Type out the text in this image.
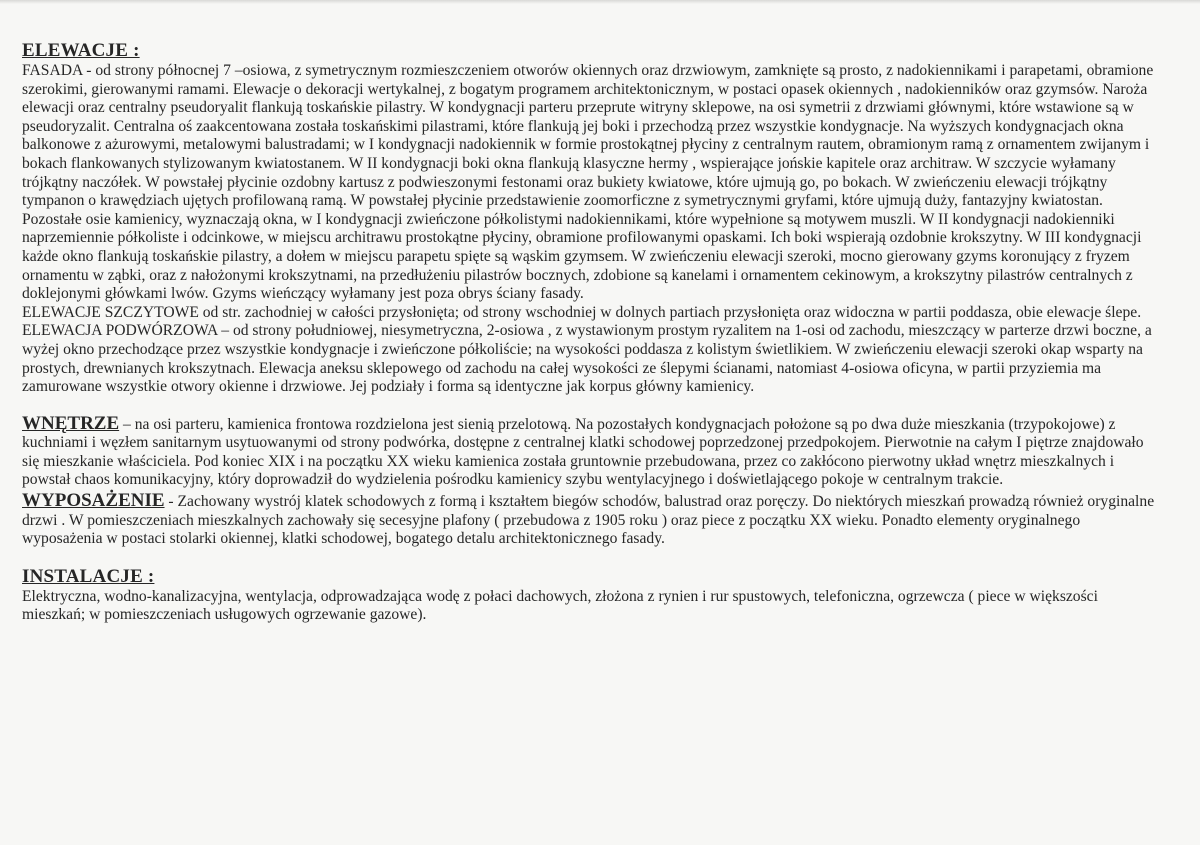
ELEWACJE :

FASADA - od strony północnej 7 –osiowa, z symetrycznym rozmieszczeniem otworów okiennych oraz drzwiowym, zamknięte są prosto, z nadokiennikami i parapetami, obramione szerokimi, gierowanymi ramami. Elewacje o dekoracji wertykalnej, z bogatym programem architektonicznym, w postaci opasek okiennych , nadokienników oraz gzymsów. Naroża elewacji oraz centralny pseudoryalit flankują toskańskie pilastry. W kondygnacji parteru przeprute witryny sklepowe, na osi symetrii z drzwiami głównymi, które wstawione są w pseudoryzalit. Centralna oś zaakcentowana została toskańskimi pilastrami, które flankują jej boki i przechodzą przez wszystkie kondygnacje. Na wyższych kondygnacjach okna balkonowe z ażurowymi, metalowymi balustradami; w I kondygnacji nadokiennik w formie prostokątnej płyciny z centralnym rautem, obramionym ramą z ornamentem zwijanym i bokach flankowanych stylizowanym kwiatostanem. W II kondygnacji boki okna flankują klasyczne hermy , wspierające jońskie kapitele oraz architraw. W szczycie wyłamany trójkątny naczółek. W powstałej płycinie ozdobny kartusz z podwieszonymi festonami oraz bukiety kwiatowe, które ujmują go, po bokach. W zwieńczeniu elewacji trójkątny tympanon o krawędziach ujętych profilowaną ramą. W powstałej płycinie przedstawienie zoomorficzne z symetrycznymi gryfami, które ujmują duży, fantazyjny kwiatostan. Pozostałe osie kamienicy, wyznaczają okna, w I kondygnacji zwieńczone półkolistymi nadokiennikami, które wypełnione są motywem muszli. W II kondygnacji nadokienniki naprzemiennie półkoliste i odcinkowe, w miejscu architrawu prostokątne płyciny, obramione profilowanymi opaskami. Ich boki wspierają ozdobnie krokszytny. W III kondygnacji każde okno flankują toskańskie pilastry, a dołem w miejscu parapetu spięte są wąskim gzymsem. W zwieńczeniu elewacji szeroki, mocno gierowany gzyms koronujący z fryzem ornamentu w ząbki, oraz z nałożonymi krokszytnami, na przedłużeniu pilastrów bocznych, zdobione są kanelami i ornamentem cekinowym, a krokszytny pilastrów centralnych z doklejonymi główkami lwów. Gzyms wieńczący wyłamany jest poza obrys ściany fasady.

ELEWACJE SZCZYTOWE od str. zachodniej w całości przysłonięta; od strony wschodniej w dolnych partiach przysłonięta oraz widoczna w partii poddasza, obie elewacje ślepe.

ELEWACJA PODWÓRZOWA – od strony południowej, niesymetryczna, 2-osiowa , z wystawionym prostym ryzalitem na 1-osi od zachodu, mieszczący w parterze drzwi boczne, a wyżej okno przechodzące przez wszystkie kondygnacje i zwieńczone półkoliście; na wysokości poddasza z kolistym świetlikiem. W zwieńczeniu elewacji szeroki okap wsparty na prostych, drewnianych krokszytnach. Elewacja aneksu sklepowego od zachodu na całej wysokości ze ślepymi ścianami, natomiast 4-osiowa oficyna, w partii przyziemia ma zamurowane wszystkie otwory okienne i drzwiowe. Jej podziały i forma są identyczne jak korpus główny kamienicy.

WNĘTRZE – na osi parteru, kamienica frontowa rozdzielona jest sienią przelotową. Na pozostałych kondygnacjach położone są po dwa duże mieszkania (trzypokojowe) z kuchniami i węzłem sanitarnym usytuowanymi od strony podwórka, dostępne z centralnej klatki schodowej poprzedzonej przedpokojem. Pierwotnie na całym I piętrze znajdowało się mieszkanie właściciela. Pod koniec XIX i na początku XX wieku kamienica została gruntownie przebudowana, przez co zakłócono pierwotny układ wnętrz mieszkalnych i powstał chaos komunikacyjny, który doprowadził do wydzielenia pośrodku kamienicy szybu wentylacyjnego i doświetlającego pokoje w centralnym trakcie.

WYPOSAŻENIE - Zachowany wystrój klatek schodowych z formą i kształtem biegów schodów, balustrad oraz poręczy. Do niektórych mieszkań prowadzą również oryginalne drzwi . W pomieszczeniach mieszkalnych zachowały się secesyjne plafony ( przebudowa z 1905 roku ) oraz piece z początku XX wieku. Ponadto elementy oryginalnego wyposażenia w postaci stolarki okiennej, klatki schodowej, bogatego detalu architektonicznego fasady.

INSTALACJE :

Elektryczna, wodno-kanalizacyjna, wentylacja, odprowadzająca wodę z połaci dachowych, złożona z rynien i rur spustowych, telefoniczna, ogrzewcza ( piece w większości mieszkań; w pomieszczeniach usługowych ogrzewanie gazowe).
